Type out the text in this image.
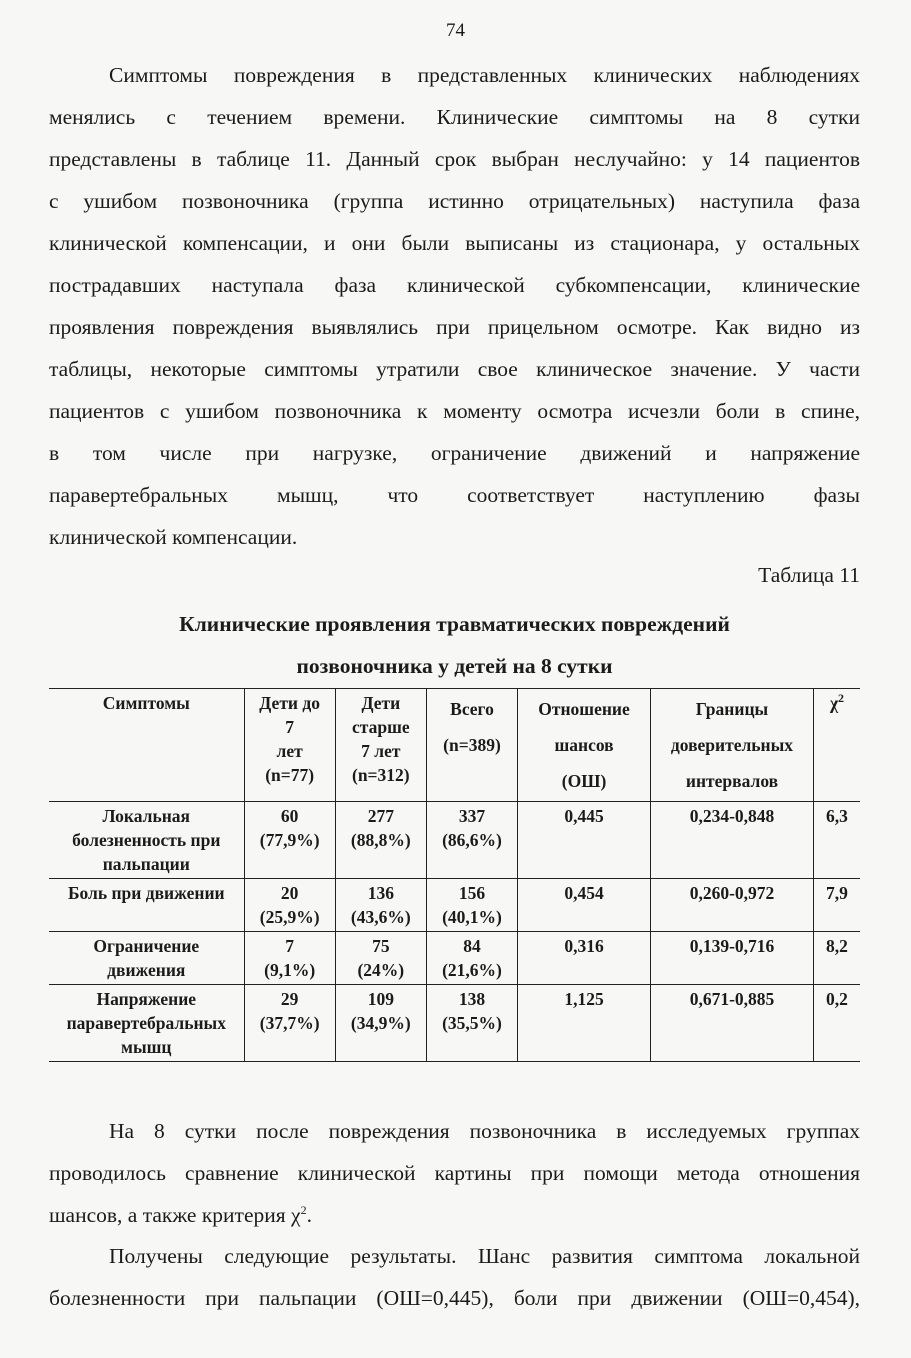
74
Симптомы повреждения в представленных клинических наблюдениях
менялись с течением времени. Клинические симптомы на 8 сутки
представлены в таблице 11. Данный срок выбран неслучайно: у 14 пациентов
с ушибом позвоночника (группа истинно отрицательных) наступила фаза
клинической компенсации, и они были выписаны из стационара, у остальных
пострадавших наступала фаза клинической субкомпенсации, клинические
проявления повреждения выявлялись при прицельном осмотре. Как видно из
таблицы, некоторые симптомы утратили свое клиническое значение. У части
пациентов с ушибом позвоночника к моменту осмотра исчезли боли в спине,
в том числе при нагрузке, ограничение движений и напряжение
паравертебральных мышц, что соответствует наступлению фазы
клинической компенсации.
Таблица 11
Клинические проявления травматических повреждений
позвоночника у детей на 8 сутки
Симптомы	Дети до
7
лет
(n=77)	Дети
старше
7 лет
(n=312)	Всего
(n=389)	Отношение
шансов
(ОШ)	Границы
доверительных
интервалов	$\chi^2$

Локальная
болезненность при
пальпации	60
(77,9%)	277
(88,8%)	337
(86,6%)	0,445	0,234-0,848	6,3

Боль при движении	20
(25,9%)	136
(43,6%)	156
(40,1%)	0,454	0,260-0,972	7,9

Ограничение
движения	7
(9,1%)	75
(24%)	84
(21,6%)	0,316	0,139-0,716	8,2

Напряжение
паравертебральных
мышц	29
(37,7%)	109
(34,9%)	138
(35,5%)	1,125	0,671-0,885	0,2
На 8 сутки после повреждения позвоночника в исследуемых группах
проводилось сравнение клинической картины при помощи метода отношения
шансов, а также критерия $\chi^2$.
Получены следующие результаты. Шанс развития симптома локальной
болезненности при пальпации (ОШ=0,445), боли при движении (ОШ=0,454),
